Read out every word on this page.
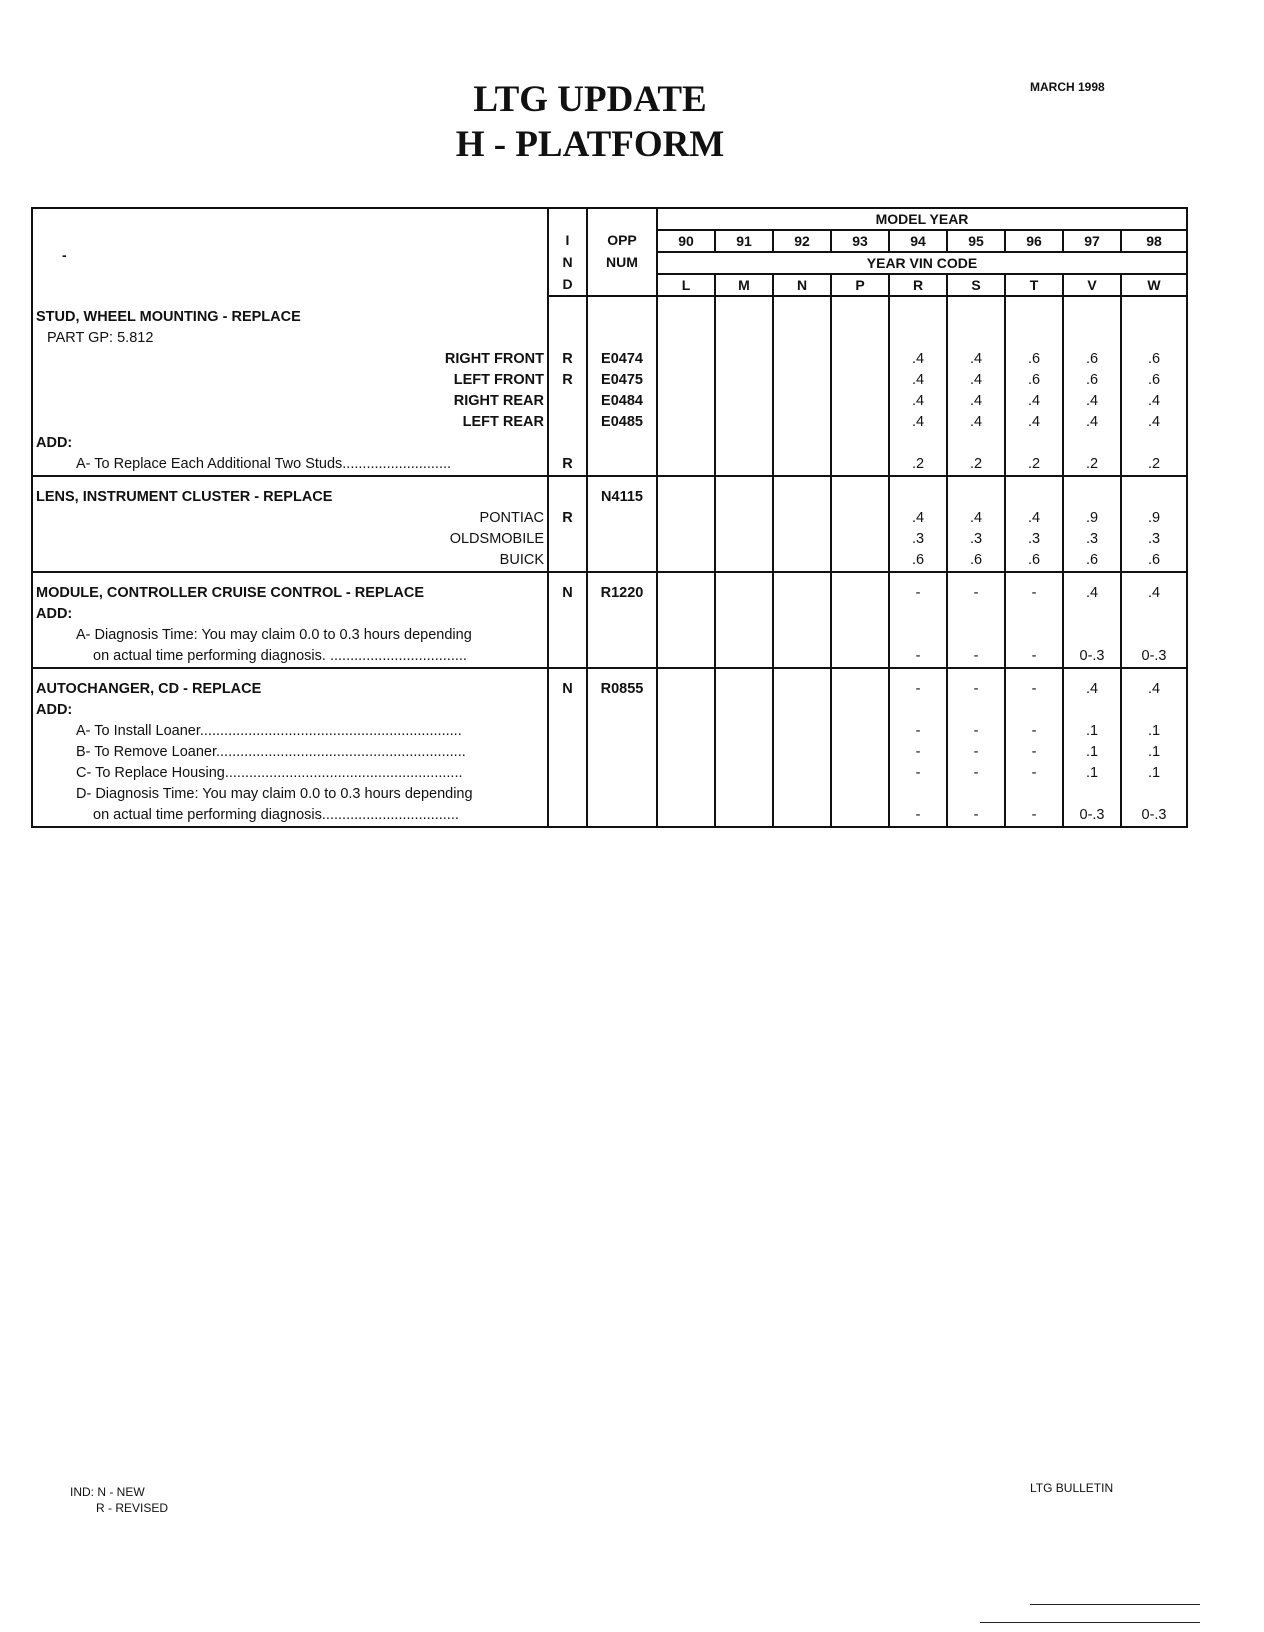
LTG UPDATE
H - PLATFORM
MARCH 1998
-			MODEL YEAR								
	I	OPP	90	91	92	93	94	95	96	97	98
	N	NUM	YEAR VIN CODE								
	D		L	M	N	P	R	S	T	V	W

STUD, WHEEL MOUNTING - REPLACE											
PART GP: 5.812											
RIGHT FRONT	R	E0474					.4	.4	.6	.6	.6
LEFT FRONT	R	E0475					.4	.4	.6	.6	.6
RIGHT REAR		E0484					.4	.4	.4	.4	.4
LEFT REAR		E0485					.4	.4	.4	.4	.4
ADD:											
A- To Replace Each Additional Two Studs...........................	R						.2	.2	.2	.2	.2

LENS, INSTRUMENT CLUSTER - REPLACE		N4115									
PONTIAC	R						.4	.4	.4	.9	.9
OLDSMOBILE							.3	.3	.3	.3	.3
BUICK							.6	.6	.6	.6	.6

MODULE, CONTROLLER CRUISE CONTROL - REPLACE	N	R1220					-	-	-	.4	.4
ADD:											
A- Diagnosis Time: You may claim 0.0 to 0.3 hours depending											
on actual time performing diagnosis. ..................................							-	-	-	0-.3	0-.3

AUTOCHANGER, CD - REPLACE	N	R0855					-	-	-	.4	.4
ADD:											
A- To Install Loaner.................................................................							-	-	-	.1	.1
B- To Remove Loaner..............................................................							-	-	-	.1	.1
C- To Replace Housing...........................................................							-	-	-	.1	.1
D- Diagnosis Time: You may claim 0.0 to 0.3 hours depending											
on actual time performing diagnosis..................................							-	-	-	0-.3	0-.3
IND: N - NEW
R - REVISED
LTG BULLETIN
